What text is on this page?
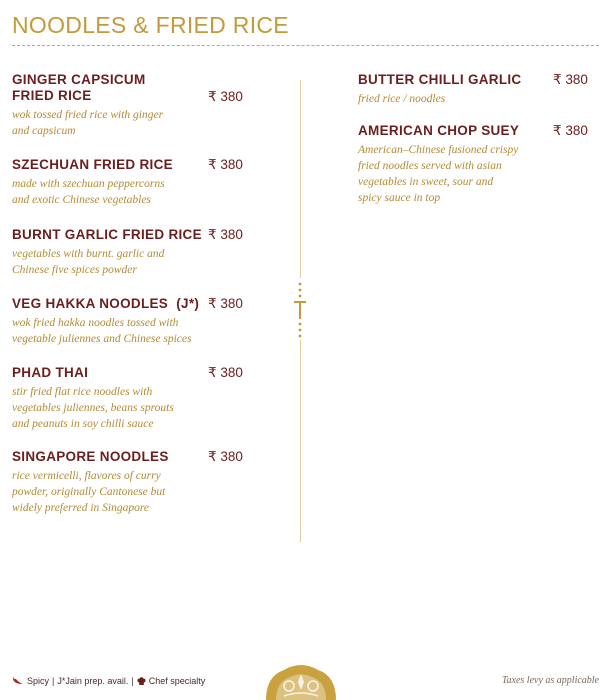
NOODLES & FRIED RICE
GINGER CAPSICUM
FRIED RICE
wok tossed fried rice with ginger
and capsicum
₹ 380
SZECHUAN FRIED RICE
made with szechuan peppercorns
and exotic Chinese vegetables
₹ 380
BURNT GARLIC FRIED RICE
vegetables with burnt. garlic and
Chinese five spices powder
₹ 380
VEG HAKKA NOODLES  (J*)
wok fried hakka noodles tossed with
vegetable juliennes and Chinese spices
₹ 380
PHAD THAI
stir fried flat rice noodles with
vegetables juliennes, beans sprouts
and peanuts in soy chilli sauce
₹ 380
SINGAPORE NOODLES
rice vermicelli, flavores of curry
powder, originally Cantonese but
widely preferred in Singapore
₹ 380
BUTTER CHILLI GARLIC
fried rice / noodles
₹ 380
AMERICAN CHOP SUEY
American–Chinese fusioned crispy
fried noodles served with asian
vegetables in sweet, sour and
spicy sauce in top
₹ 380
Spicy | J*Jain prep. avail. | Chef specialty	Taxes levy as applicable
